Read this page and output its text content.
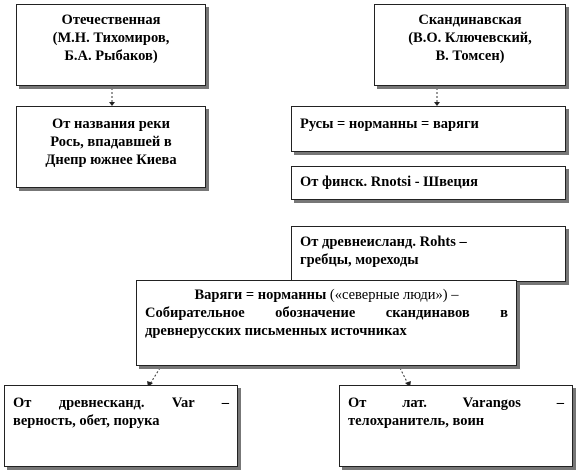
Отечественная
(М.Н. Тихомиров,
Б.А. Рыбаков)
От названия реки
Рось, впадавшей в
Днепр южнее Киева
Скандинавская
(В.О. Ключевский,
В. Томсен)
Русы = норманны = варяги
От финск. Rnotsi - Швеция
От древнеисланд. Rohts –
гребцы, мореходы
Варяги = норманны («северные люди») –
Собирательное обозначение скандинавов в
древнерусских письменных источниках
От древнесканд. Var –
верность, обет, порука
От лат. Varangos –
телохранитель, воин
